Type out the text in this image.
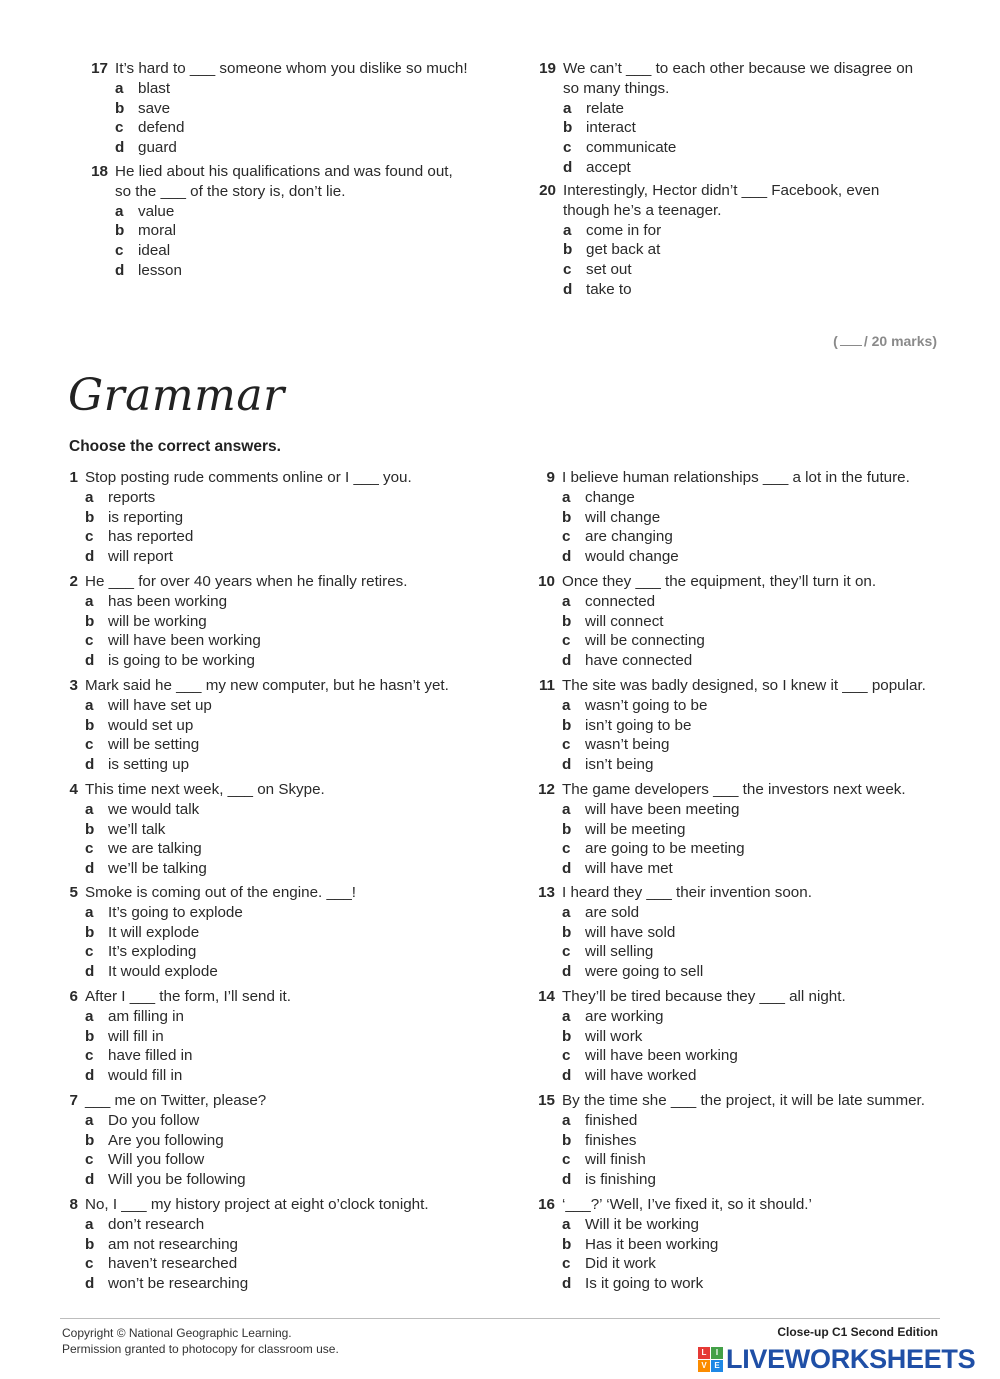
17 It’s hard to ___ someone whom you dislike so much!
a blast
b save
c defend
d guard
18 He lied about his qualifications and was found out,
so the ___ of the story is, don’t lie.
a value
b moral
c ideal
d lesson
19 We can’t ___ to each other because we disagree on
so many things.
a relate
b interact
c communicate
d accept
20 Interestingly, Hector didn’t ___ Facebook, even
though he’s a teenager.
a come in for
b get back at
c set out
d take to
( / 20 marks)
Grammar
Choose the correct answers.
1 Stop posting rude comments online or I ___ you.
a reports
b is reporting
c has reported
d will report
2 He ___ for over 40 years when he finally retires.
a has been working
b will be working
c will have been working
d is going to be working
3 Mark said he ___ my new computer, but he hasn’t yet.
a will have set up
b would set up
c will be setting
d is setting up
4 This time next week, ___ on Skype.
a we would talk
b we’ll talk
c we are talking
d we’ll be talking
5 Smoke is coming out of the engine. ___!
a It’s going to explode
b It will explode
c It’s exploding
d It would explode
6 After I ___ the form, I’ll send it.
a am filling in
b will fill in
c have filled in
d would fill in
7 ___ me on Twitter, please?
a Do you follow
b Are you following
c Will you follow
d Will you be following
8 No, I ___ my history project at eight o’clock tonight.
a don’t research
b am not researching
c haven’t researched
d won’t be researching
9 I believe human relationships ___ a lot in the future.
a change
b will change
c are changing
d would change
10 Once they ___ the equipment, they’ll turn it on.
a connected
b will connect
c will be connecting
d have connected
11 The site was badly designed, so I knew it ___ popular.
a wasn’t going to be
b isn’t going to be
c wasn’t being
d isn’t being
12 The game developers ___ the investors next week.
a will have been meeting
b will be meeting
c are going to be meeting
d will have met
13 I heard they ___ their invention soon.
a are sold
b will have sold
c will selling
d were going to sell
14 They’ll be tired because they ___ all night.
a are working
b will work
c will have been working
d will have worked
15 By the time she ___ the project, it will be late summer.
a finished
b finishes
c will finish
d is finishing
16 ‘___?’ ‘Well, I’ve fixed it, so it should.’
a Will it be working
b Has it been working
c Did it work
d Is it going to work
Copyright © National Geographic Learning.
Permission granted to photocopy for classroom use.
Close-up C1 Second Edition
L	I
V E LIVEWORKSHEETS
